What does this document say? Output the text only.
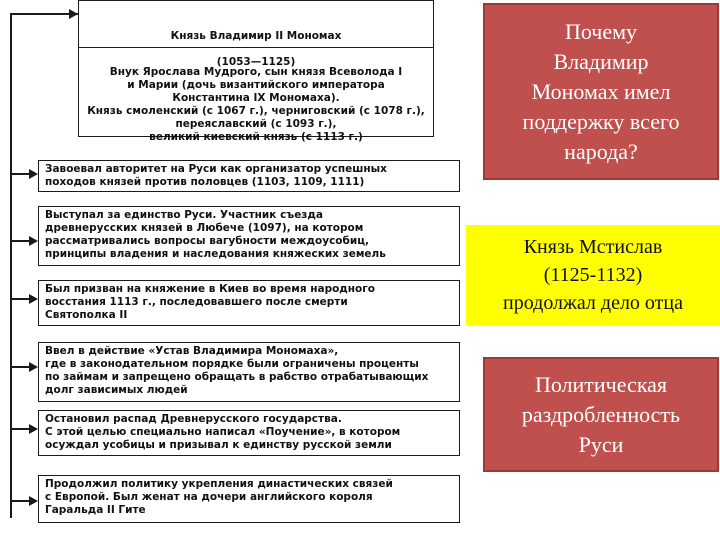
Князь Владимир II Мономах

(1053—1125)

Внук Ярослава Мудрого, сын князя Всеволода I
и Марии (дочь византийского императора
Константина IX Мономаха).
Князь смоленский (с 1067 г.), черниговский (с 1078 г.),
переяславский (с 1093 г.),
великий киевский князь (с 1113 г.)

Завоевал авторитет на Руси как организатор успешных
походов князей против половцев (1103, 1109, 1111)
Выступал за единство Руси. Участник съезда
древнерусских князей в Любече (1097), на котором
рассматривались вопросы вагубности междоусобиц,
принципы владения и наследования княжеских земель
Был призван на княжение в Киев во время народного
восстания 1113 г., последовавшего после смерти
Святополка II
Ввел в действие «Устав Владимира Мономаха»,
где в законодательном порядке были ограничены проценты
по займам и запрещено обращать в рабство отрабатывающих
долг зависимых людей
Остановил распад Древнерусского государства.
С этой целью специально написал «Поучение», в котором
осуждал усобицы и призывал к единству русской земли
Продолжил политику укрепления династических связей
с Европой. Был женат на дочери английского короля
Гаральда II Гите
Почему
Владимир
Мономах имел
поддержку всего
народа?
Князь Мстислав
(1125-1132)
продолжал дело отца
Политическая
раздробленность
Руси
